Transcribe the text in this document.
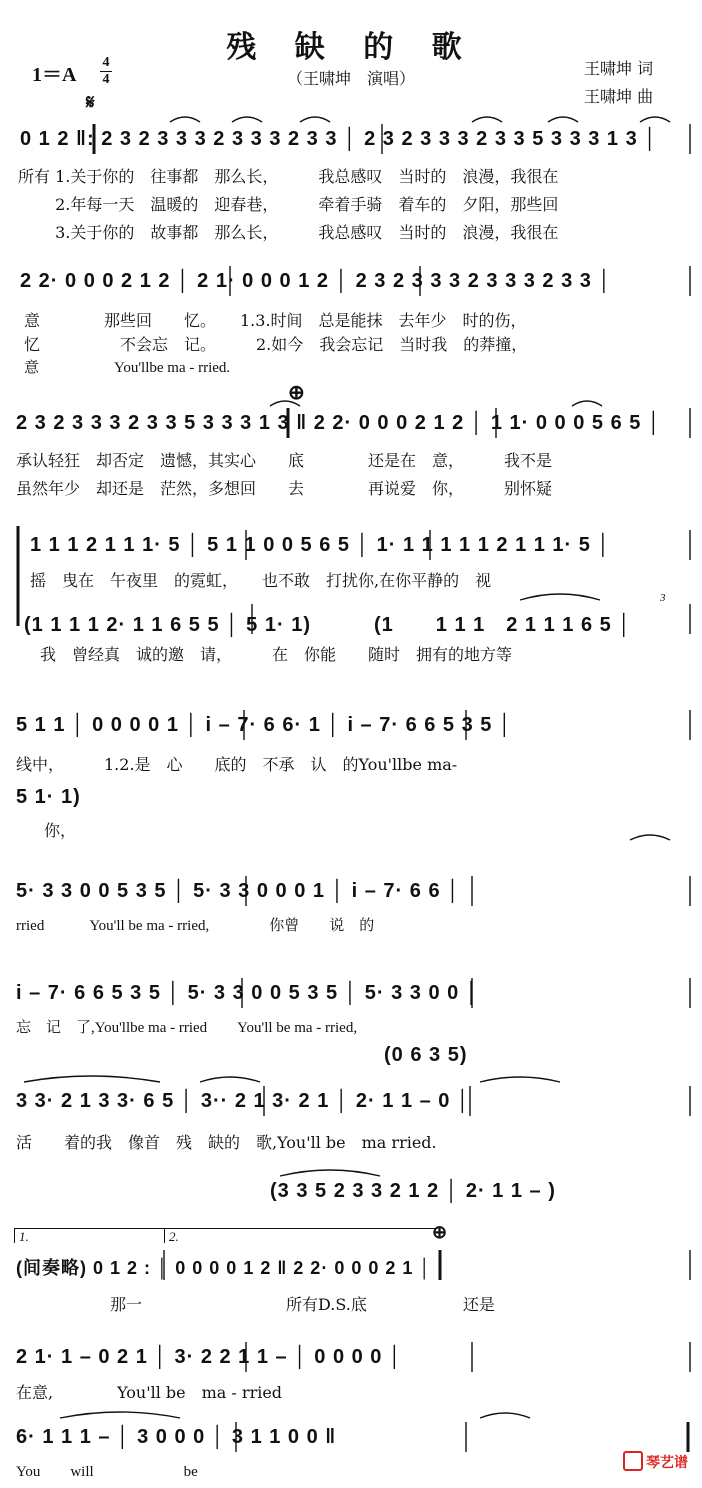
残 缺 的 歌
（王啸坤　演唱）
1＝A
4
4
王啸坤 词
王啸坤 曲
𝄋
0 1 2 ‖: 2 3 2 3 3 3 2 3 3 3 2 3 3 │ 2 3 2 3 3 3 2 3 3 5 3 3 3 1 3 │
所有 1.关于你的　往事都　那么长，　　　我总感叹　当时的　浪漫，我很在
　　 2.年每一天　温暖的　迎春巷，　　　牵着手骑　着车的　夕阳，那些回
　　 3.关于你的　故事都　那么长，　　　我总感叹　当时的　浪漫，我很在
2 2· 0 0 0 2 1 2 │ 2 1· 0 0 0 1 2 │ 2 3 2 3 3 3 2 3 3 3 2 3 3 │
意　　　　那些回　　忆。　　1.3.时间　总是能抹　去年少　时的伤，
忆　　　　　不会忘　记。　　　2.如今　我会忘记　当时我　的莽撞，
意　　　　　You'llbe ma - rried.
⊕
2 3 2 3 3 3 2 3 3 5 3 3 3 1 3 ‖ 2 2· 0 0 0 2 1 2 │ 1 1· 0 0 0 5 6 5 │
承认轻狂　却否定　遗憾，其实心　　底　　　　还是在　意，　　　我不是
虽然年少　却还是　茫然，多想回　　去　　　　再说爱　你，　　　别怀疑
1 1 1 2 1 1 1· 5 │ 5 1 1 0 0 5 6 5 │ 1· 1 1 1 1 1 2 1 1 1· 5 │
摇　曳在　午夜里　的霓虹，　　也不敢　打扰你,在你平静的　视
(1 1 1 1 2· 1 1 6 5 5 │ 5 1· 1)　　　(1　　1 1 1　2 1 1 1 6 5 │
我　曾经真　诚的邀　请，　　　在　你能　　随时　拥有的地方等
3
5 1 1 │ 0 0 0 0 1 │ i – 7· 6 6· 1 │ i – 7· 6 6 5 3 5 │
线中，　　　1.2.是　心　　底的　不承　认　的You'llbe ma-
5 1· 1)
你，
5· 3 3 0 0 5 3 5 │ 5· 3 3 0 0 0 1 │ i – 7· 6 6 │
rried　　　You'll be ma - rried,　　　　你曾　　说　的
i – 7· 6 6 5 3 5 │ 5· 3 3 0 0 5 3 5 │ 5· 3 3 0 0 │
忘　记　了,You'llbe ma - rried　　You'll be ma - rried,
(0 6 3 5)
3 3· 2 1 3 3· 6 5 │ 3·· 2 1 3· 2 1 │ 2· 1 1 – 0 │
活　　着的我　像首　残　缺的　歌,You'll be　ma rried.
(3 3 5 2 3 3 2 1 2 │ 2· 1 1 – )
1.	2.	⊕
(间奏略) 0 1 2 : │ 0 0 0 0 1 2 ‖ 2 2· 0 0 0 2 1 │
那一　　　　　　　　　所有D.S.底　　　　　　还是
2 1· 1 – 0 2 1 │ 3· 2 2 1 1 – │ 0 0 0 0 │
在意,　　　　You'll be　ma - rried
6· 1 1 1 – │ 3 0 0 0 │ 3 1 1 0 0 ‖
You　　will　　　　　　be
琴艺谱
